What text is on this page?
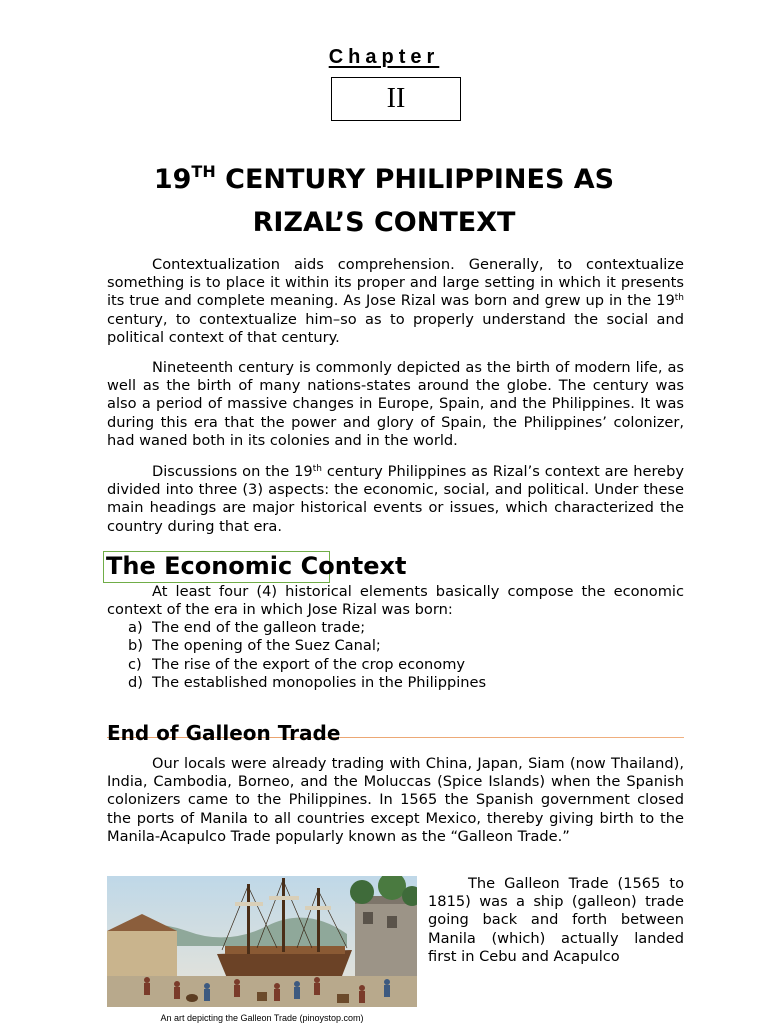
Chapter
II
19TH CENTURY PHILIPPINES AS
RIZAL’S CONTEXT

Contextualization aids comprehension. Generally, to contextualize something is to place it within its proper and large setting in which it presents its true and complete meaning. As Jose Rizal was born and grew up in the 19th century, to contextualize him–so as to properly understand the social and political context of that century.

Nineteenth century is commonly depicted as the birth of modern life, as well as the birth of many nations-states around the globe. The century was also a period of massive changes in Europe, Spain, and the Philippines. It was during this era that the power and glory of Spain, the Philippines’ colonizer, had waned both in its colonies and in the world.

Discussions on the 19th century Philippines as Rizal’s context are hereby divided into three (3) aspects: the economic, social, and political. Under these main headings are major historical events or issues, which characterized the country during that era.

The Economic Context

At least four (4) historical elements basically compose the economic context of the era in which Jose Rizal was born:

a) The end of the galleon trade;
b) The opening of the Suez Canal;
c) The rise of the export of the crop economy
d) The established monopolies in the Philippines
End of Galleon Trade

Our locals were already trading with China, Japan, Siam (now Thailand), India, Cambodia, Borneo, and the Moluccas (Spice Islands) when the Spanish colonizers came to the Philippines. In 1565 the Spanish government closed the ports of Manila to all countries except Mexico, thereby giving birth to the Manila-Acapulco Trade popularly known as the “Galleon Trade.”

The Galleon Trade (1565 to 1815) was a ship (galleon) trade going back and forth between Manila (which) actually landed first in Cebu and Acapulco

An art depicting the Galleon Trade (pinoystop.com)
